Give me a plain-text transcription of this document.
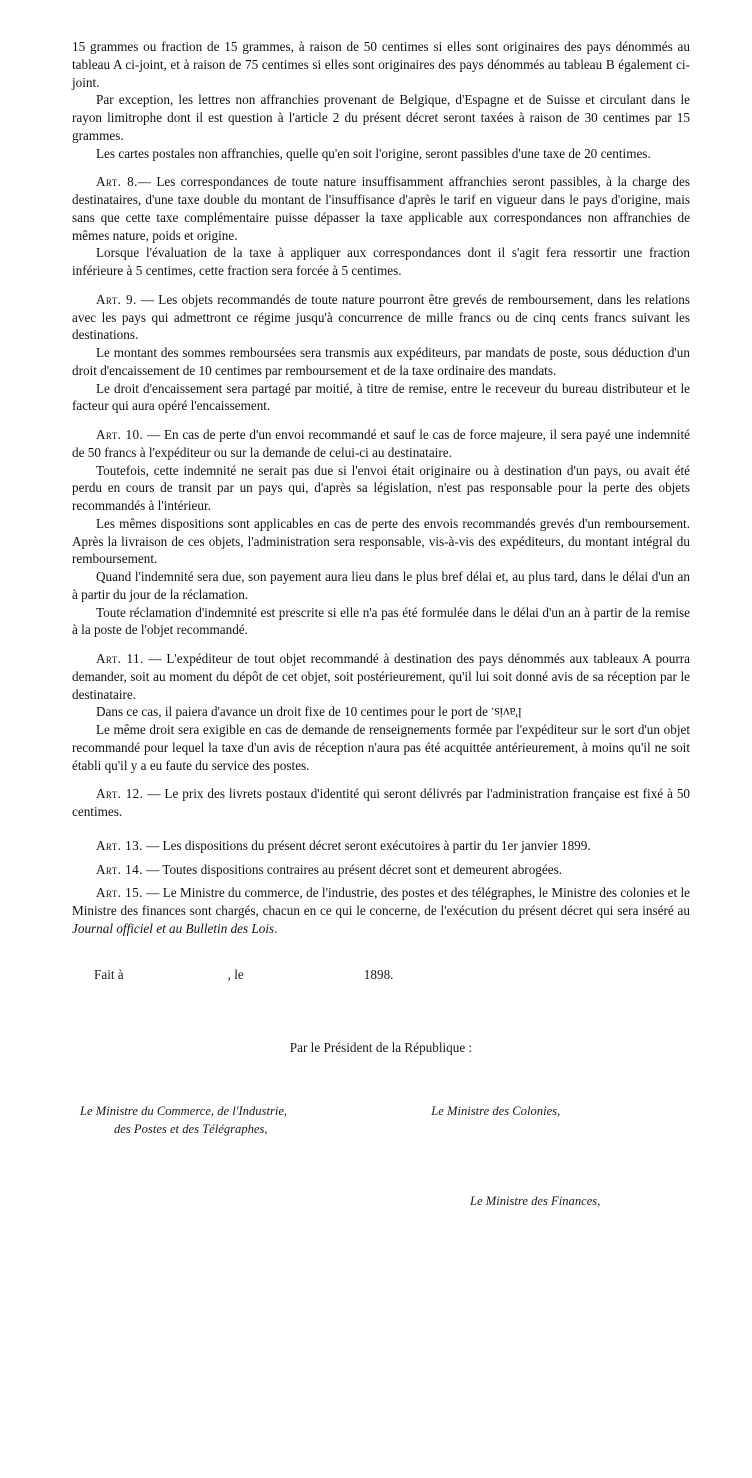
15 grammes ou fraction de 15 grammes, à raison de 50 centimes si elles sont originaires des pays dénommés au tableau A ci-joint, et à raison de 75 centimes si elles sont originaires des pays dénommés au tableau B également ci-joint.

Par exception, les lettres non affranchies provenant de Belgique, d'Espagne et de Suisse et circulant dans le rayon limitrophe dont il est question à l'article 2 du présent décret seront taxées à raison de 30 centimes par 15 grammes.

Les cartes postales non affranchies, quelle qu'en soit l'origine, seront passibles d'une taxe de 20 centimes.

Art. 8.— Les correspondances de toute nature insuffisamment affranchies seront passibles, à la charge des destinataires, d'une taxe double du montant de l'insuffisance d'après le tarif en vigueur dans le pays d'origine, mais sans que cette taxe complémentaire puisse dépasser la taxe applicable aux correspondances non affranchies de mêmes nature, poids et origine.

Lorsque l'évaluation de la taxe à appliquer aux correspondances dont il s'agit fera ressortir une fraction inférieure à 5 centimes, cette fraction sera forcée à 5 centimes.

Art. 9. — Les objets recommandés de toute nature pourront être grevés de remboursement, dans les relations avec les pays qui admettront ce régime jusqu'à concurrence de mille francs ou de cinq cents francs suivant les destinations.

Le montant des sommes remboursées sera transmis aux expéditeurs, par mandats de poste, sous déduction d'un droit d'encaissement de 10 centimes par remboursement et de la taxe ordinaire des mandats.

Le droit d'encaissement sera partagé par moitié, à titre de remise, entre le receveur du bureau distributeur et le facteur qui aura opéré l'encaissement.

Art. 10. — En cas de perte d'un envoi recommandé et sauf le cas de force majeure, il sera payé une indemnité de 50 francs à l'expéditeur ou sur la demande de celui-ci au destinataire.

Toutefois, cette indemnité ne serait pas due si l'envoi était originaire ou à destination d'un pays, ou avait été perdu en cours de transit par un pays qui, d'après sa législation, n'est pas responsable pour la perte des objets recommandés à l'intérieur.

Les mêmes dispositions sont applicables en cas de perte des envois recommandés grevés d'un remboursement. Après la livraison de ces objets, l'administration sera responsable, vis-à-vis des expéditeurs, du montant intégral du remboursement.

Quand l'indemnité sera due, son payement aura lieu dans le plus bref délai et, au plus tard, dans le délai d'un an à partir du jour de la réclamation.

Toute réclamation d'indemnité est prescrite si elle n'a pas été formulée dans le délai d'un an à partir de la remise à la poste de l'objet recommandé.

Art. 11. — L'expéditeur de tout objet recommandé à destination des pays dénommés aux tableaux A pourra demander, soit au moment du dépôt de cet objet, soit postérieurement, qu'il lui soit donné avis de sa réception par le destinataire.

Dans ce cas, il paiera d'avance un droit fixe de 10 centimes pour le port de l'avis.

Le même droit sera exigible en cas de demande de renseignements formée par l'expéditeur sur le sort d'un objet recommandé pour lequel la taxe d'un avis de réception n'aura pas été acquittée antérieurement, à moins qu'il ne soit établi qu'il y a eu faute du service des postes.

Art. 12. — Le prix des livrets postaux d'identité qui seront délivrés par l'administration française est fixé à 50 centimes.

Art. 13. — Les dispositions du présent décret seront exécutoires à partir du 1er janvier 1899.

Art. 14. — Toutes dispositions contraires au présent décret sont et demeurent abrogées.

Art. 15. — Le Ministre du commerce, de l'industrie, des postes et des télégraphes, le Ministre des colonies et le Ministre des finances sont chargés, chacun en ce qui le concerne, de l'exécution du présent décret qui sera inséré au Journal officiel et au Bulletin des Lois.

Fait à	, le	1898.

Par le Président de la République :

Le Ministre du Commerce, de l'Industrie,
des Postes et des Télégraphes,
Le Ministre des Colonies,
Le Ministre des Finances,
